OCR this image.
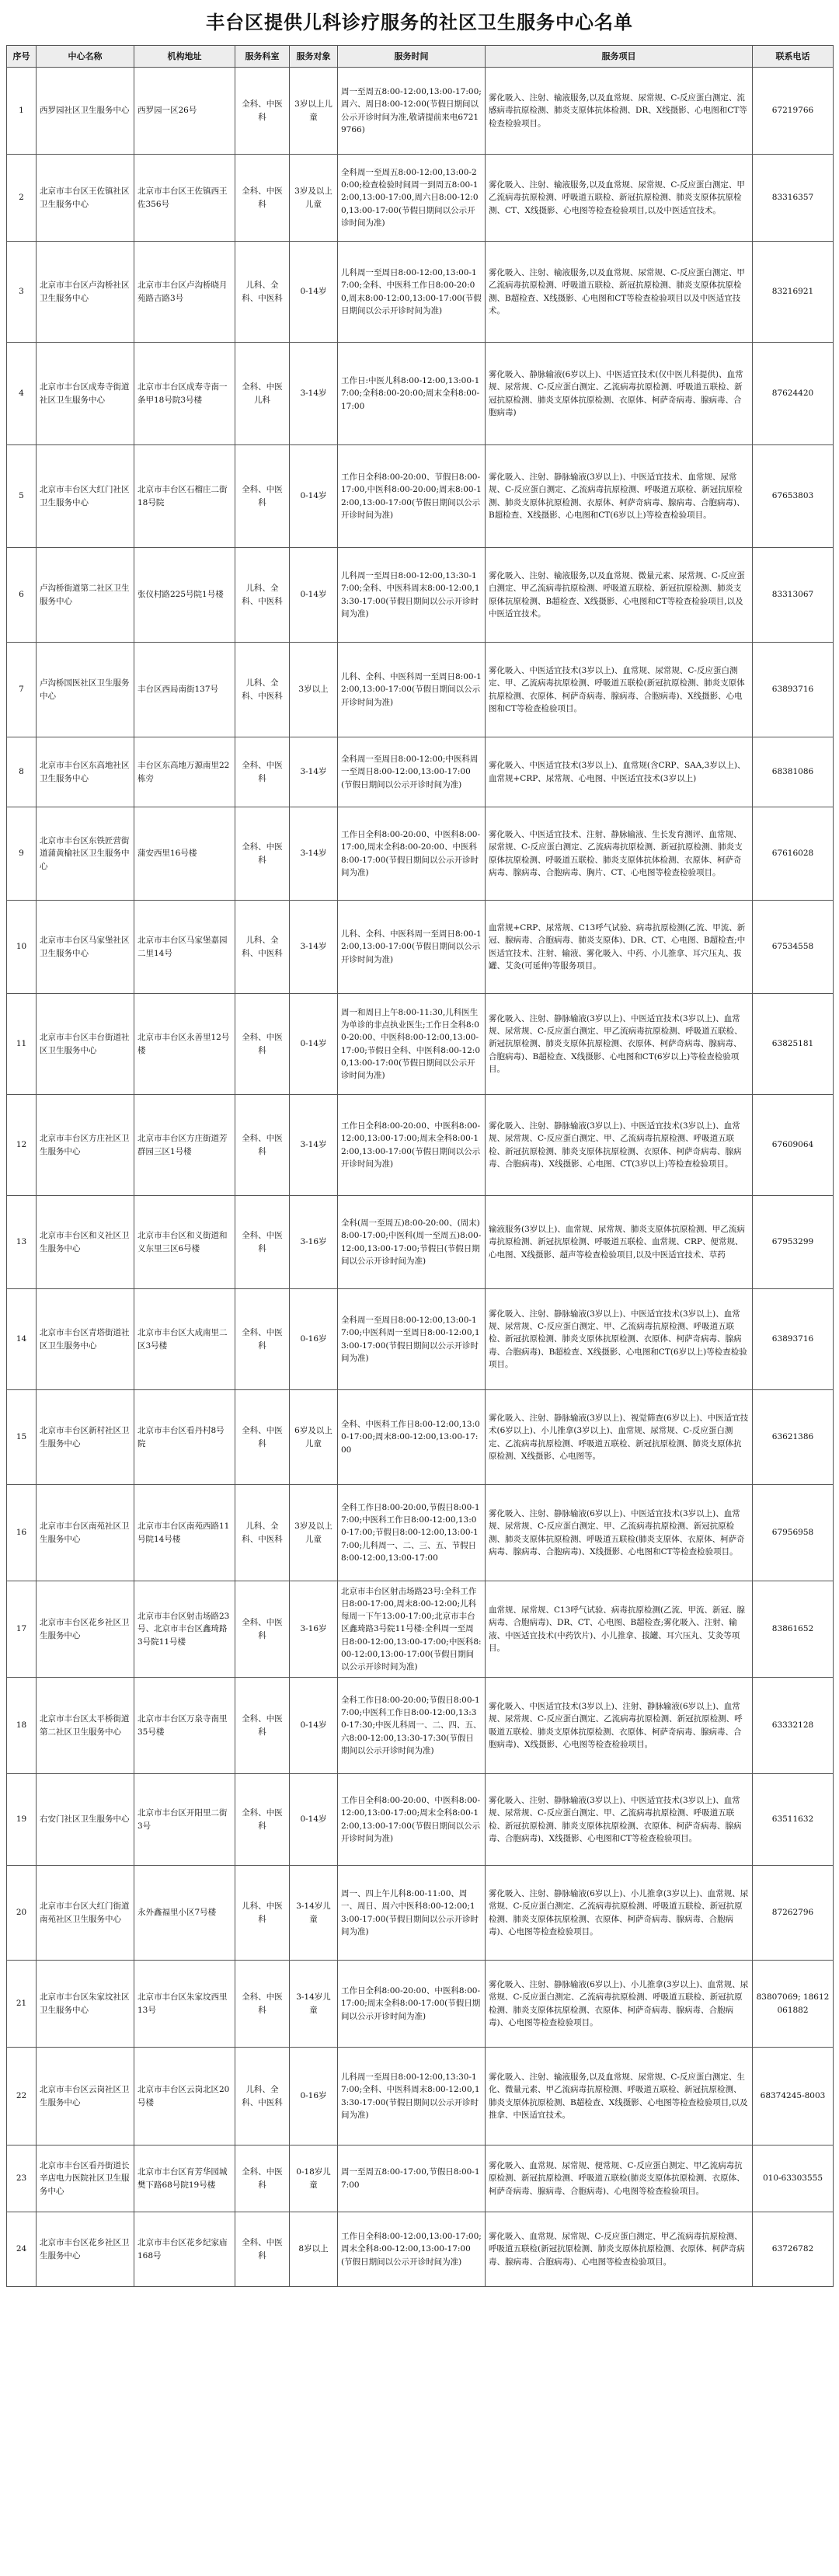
丰台区提供儿科诊疗服务的社区卫生服务中心名单
序号	中心名称	机构地址	服务科室	服务对象	服务时间	服务项目	联系电话
1	西罗园社区卫生服务中心	西罗园一区26号	全科、中医科	3岁以上儿童	周一至周五8:00-12:00,13:00-17:00;周六、周日8:00-12:00(节假日期间以公示开诊时间为准,敬请提前来电67219766)	雾化吸入、注射、输液服务,以及血常规、尿常规、C-反应蛋白测定、流感病毒抗原检测、肺炎支原体抗体检测、DR、X线摄影、心电图和CT等检查检验项目。	67219766
2	北京市丰台区王佐镇社区卫生服务中心	北京市丰台区王佐镇西王佐356号	全科、中医科	3岁及以上儿童	全科周一至周五8:00-12:00,13:00-20:00;检查检验时间周一到周五8:00-12:00,13:00-17:00,周六日8:00-12:00,13:00-17:00(节假日期间以公示开诊时间为准)	雾化吸入、注射、输液服务,以及血常规、尿常规、C-反应蛋白测定、甲乙流病毒抗原检测、呼吸道五联检、新冠抗原检测、肺炎支原体抗原检测、CT、X线摄影、心电图等检查检验项目,以及中医适宜技术。	83316357
3	北京市丰台区卢沟桥社区卫生服务中心	北京市丰台区卢沟桥晓月苑路吉路3号	儿科、全科、中医科	0-14岁	儿科周一至周日8:00-12:00,13:00-17:00;全科、中医科工作日8:00-20:00,周末8:00-12:00,13:00-17:00(节假日期间以公示开诊时间为准)	雾化吸入、注射、输液服务,以及血常规、尿常规、C-反应蛋白测定、甲乙流病毒抗原检测、呼吸道五联检、新冠抗原检测、肺炎支原体抗原检测、B超检查、X线摄影、心电图和CT等检查检验项目以及中医适宜技术。	83216921
4	北京市丰台区成寿寺街道社区卫生服务中心	北京市丰台区成寿寺南一条甲18号院3号楼	全科、中医儿科	3-14岁	工作日:中医儿科8:00-12:00,13:00-17:00;全科8:00-20:00;周末全科8:00-17:00	雾化吸入、静脉输液(6岁以上)、中医适宜技术(仅中医儿科提供)、血常规、尿常规、C-反应蛋白测定、乙流病毒抗原检测、呼吸道五联检、新冠抗原检测、肺炎支原体抗原检测、衣原体、柯萨奇病毒、腺病毒、合胞病毒)	87624420
5	北京市丰台区大红门社区卫生服务中心	北京市丰台区石榴庄二街18号院	全科、中医科	0-14岁	工作日全科8:00-20:00、节假日8:00-17:00,中医科8:00-20:00;周末8:00-12:00,13:00-17:00(节假日期间以公示开诊时间为准)	雾化吸入、注射、静脉输液(3岁以上)、中医适宜技术、血常规、尿常规、C-反应蛋白测定、乙流病毒抗原检测、呼吸道五联检、新冠抗原检测、肺炎支原体抗原检测、衣原体、柯萨奇病毒、腺病毒、合胞病毒)、B超检查、X线摄影、心电图和CT(6岁以上)等检查检验项目。	67653803
6	卢沟桥街道第二社区卫生服务中心	张仪村路225号院1号楼	儿科、全科、中医科	0-14岁	儿科周一至周日8:00-12:00,13:30-17:00;全科、中医科周末8:00-12:00,13:30-17:00(节假日期间以公示开诊时间为准)	雾化吸入、注射、输液服务,以及血常规、微量元素、尿常规、C-反应蛋白测定、甲乙流病毒抗原检测、呼吸道五联检、新冠抗原检测、肺炎支原体抗原检测、B超检查、X线摄影、心电图和CT等检查检验项目,以及中医适宜技术。	83313067
7	卢沟桥国医社区卫生服务中心	丰台区西局南街137号	儿科、全科、中医科	3岁以上	儿科、全科、中医科周一至周日8:00-12:00,13:00-17:00(节假日期间以公示开诊时间为准)	雾化吸入、中医适宜技术(3岁以上)、血常规、尿常规、C-反应蛋白测定、甲、乙流病毒抗原检测、呼吸道五联检(新冠抗原检测、肺炎支原体抗原检测、衣原体、柯萨奇病毒、腺病毒、合胞病毒)、X线摄影、心电图和CT等检查检验项目。	63893716
8	北京市丰台区东高地社区卫生服务中心	丰台区东高地万源南里22栋旁	全科、中医科	3-14岁	全科周一至周日8:00-12:00;中医科周一至周日8:00-12:00,13:00-17:00(节假日期间以公示开诊时间为准)	雾化吸入、中医适宜技术(3岁以上)、血常规(含CRP、SAA,3岁以上)、血常规+CRP、尿常规、心电图、中医适宜技术(3岁以上)	68381086
9	北京市丰台区东铁匠营街道蒲黄榆社区卫生服务中心	蒲安西里16号楼	全科、中医科	3-14岁	工作日全科8:00-20:00、中医科8:00-17:00,周末全科8:00-20:00、中医科8:00-17:00(节假日期间以公示开诊时间为准)	雾化吸入、中医适宜技术、注射、静脉输液、生长发育测评、血常规、尿常规、C-反应蛋白测定、乙流病毒抗原检测、新冠抗原检测、肺炎支原体抗原检测、呼吸道五联检、肺炎支原体抗体检测、衣原体、柯萨奇病毒、腺病毒、合胞病毒、胸片、CT、心电图等检查检验项目。	67616028
10	北京市丰台区马家堡社区卫生服务中心	北京市丰台区马家堡嘉园二里14号	儿科、全科、中医科	3-14岁	儿科、全科、中医科周一至周日8:00-12:00,13:00-17:00(节假日期间以公示开诊时间为准)	血常规+CRP、尿常规、C13呼气试验、病毒抗原检测(乙流、甲流、新冠、腺病毒、合胞病毒、肺炎支原体)、DR、CT、心电图、B超检查;中医适宜技术、注射、输液、雾化吸入、中药、小儿推拿、耳穴压丸、拔罐、艾灸(可延伸)等服务项目。	67534558
11	北京市丰台区丰台街道社区卫生服务中心	北京市丰台区永善里12号楼	全科、中医科	0-14岁	周一和周日上午8:00-11:30,儿科医生为单诊的非点执业医生;工作日全科8:00-20:00、中医科8:00-12:00,13:00-17:00;节假日全科、中医科8:00-12:00,13:00-17:00(节假日期间以公示开诊时间为准)	雾化吸入、注射、静脉输液(3岁以上)、中医适宜技术(3岁以上)、血常规、尿常规、C-反应蛋白测定、甲乙流病毒抗原检测、呼吸道五联检、新冠抗原检测、肺炎支原体抗原检测、衣原体、柯萨奇病毒、腺病毒、合胞病毒)、B超检查、X线摄影、心电图和CT(6岁以上)等检查检验项目。	63825181
12	北京市丰台区方庄社区卫生服务中心	北京市丰台区方庄街道芳群园三区1号楼	全科、中医科	3-14岁	工作日全科8:00-20:00、中医科8:00-12:00,13:00-17:00;周末全科8:00-12:00,13:00-17:00(节假日期间以公示开诊时间为准)	雾化吸入、注射、静脉输液(3岁以上)、中医适宜技术(3岁以上)、血常规、尿常规、C-反应蛋白测定、甲、乙流病毒抗原检测、呼吸道五联检、新冠抗原检测、肺炎支原体抗原检测、衣原体、柯萨奇病毒、腺病毒、合胞病毒)、X线摄影、心电图、CT(3岁以上)等检查检验项目。	67609064
13	北京市丰台区和义社区卫生服务中心	北京市丰台区和义街道和义东里三区6号楼	全科、中医科	3-16岁	全科(周一至周五)8:00-20:00、(周末)8:00-17:00;中医科(周一至周五)8:00-12:00,13:00-17:00;节假日(节假日期间以公示开诊时间为准)	输液服务(3岁以上)、血常规、尿常规、肺炎支原体抗原检测、甲乙流病毒抗原检测、新冠抗原检测、呼吸道五联检、血常规、CRP、便常规、心电图、X线摄影、超声等检查检验项目,以及中医适宜技术、草药	67953299
14	北京市丰台区青塔街道社区卫生服务中心	北京市丰台区大成南里二区3号楼	全科、中医科	0-16岁	全科周一至周日8:00-12:00,13:00-17:00;中医科周一至周日8:00-12:00,13:00-17:00(节假日期间以公示开诊时间为准)	雾化吸入、注射、静脉输液(3岁以上)、中医适宜技术(3岁以上)、血常规、尿常规、C-反应蛋白测定、甲、乙流病毒抗原检测、呼吸道五联检、新冠抗原检测、肺炎支原体抗原检测、衣原体、柯萨奇病毒、腺病毒、合胞病毒)、B超检查、X线摄影、心电图和CT(6岁以上)等检查检验项目。	63893716
15	北京市丰台区新村社区卫生服务中心	北京市丰台区看丹村8号院	全科、中医科	6岁及以上儿童	全科、中医科工作日8:00-12:00,13:00-17:00;周末8:00-12:00,13:00-17:00	雾化吸入、注射、静脉输液(3岁以上)、视觉筛查(6岁以上)、中医适宜技术(6岁以上)、小儿推拿(3岁以上)、血常规、尿常规、C-反应蛋白测定、乙流病毒抗原检测、呼吸道五联检、新冠抗原检测、肺炎支原体抗原检测、X线摄影、心电图等。	63621386
16	北京市丰台区南苑社区卫生服务中心	北京市丰台区南苑西路11号院14号楼	儿科、全科、中医科	3岁及以上儿童	全科工作日8:00-20:00,节假日8:00-17:00;中医科工作日8:00-12:00,13:00-17:00;节假日8:00-12:00,13:00-17:00;儿科周一、二、三、五、节假日8:00-12:00,13:00-17:00	雾化吸入、注射、静脉输液(6岁以上)、中医适宜技术(3岁以上)、血常规、尿常规、C-反应蛋白测定、甲、乙流病毒抗原检测、新冠抗原检测、肺炎支原体抗原检测、呼吸道五联检(肺炎支原体、衣原体、柯萨奇病毒、腺病毒、合胞病毒)、X线摄影、心电图和CT等检查检验项目。	67956958
17	北京市丰台区花乡社区卫生服务中心	北京市丰台区射击场路23号、北京市丰台区鑫琦路3号院11号楼	全科、中医科	3-16岁	北京市丰台区射击场路23号:全科工作日8:00-17:00,周末8:00-12:00;儿科每周一下午13:00-17:00;北京市丰台区鑫琦路3号院11号楼:全科周一至周日8:00-12:00,13:00-17:00;中医科8:00-12:00,13:00-17:00(节假日期间以公示开诊时间为准)	血常规、尿常规、C13呼气试验、病毒抗原检测(乙流、甲流、新冠、腺病毒、合胞病毒)、DR、CT、心电图、B超检查;雾化吸入、注射、输液、中医适宜技术(中药饮片)、小儿推拿、拔罐、耳穴压丸、艾灸等项目。	83861652
18	北京市丰台区太平桥街道第二社区卫生服务中心	北京市丰台区万泉寺南里35号楼	全科、中医科	0-14岁	全科工作日8:00-20:00;节假日8:00-17:00;中医科工作日8:00-12:00,13:30-17:30;中医儿科周一、二、四、五、六8:00-12:00,13:30-17:30(节假日期间以公示开诊时间为准)	雾化吸入、中医适宜技术(3岁以上)、注射、静脉输液(6岁以上)、血常规、尿常规、C-反应蛋白测定、乙流病毒抗原检测、新冠抗原检测、呼吸道五联检、肺炎支原体抗原检测、衣原体、柯萨奇病毒、腺病毒、合胞病毒)、X线摄影、心电图等检查检验项目。	63332128
19	右安门社区卫生服务中心	北京市丰台区开阳里二街3号	全科、中医科	0-14岁	工作日全科8:00-20:00、中医科8:00-12:00,13:00-17:00;周末全科8:00-12:00,13:00-17:00(节假日期间以公示开诊时间为准)	雾化吸入、注射、静脉输液(3岁以上)、中医适宜技术(3岁以上)、血常规、尿常规、C-反应蛋白测定、甲、乙流病毒抗原检测、呼吸道五联检、新冠抗原检测、肺炎支原体抗原检测、衣原体、柯萨奇病毒、腺病毒、合胞病毒)、X线摄影、心电图和CT等检查检验项目。	63511632
20	北京市丰台区大红门街道南苑社区卫生服务中心	永外鑫福里小区7号楼	儿科、中医科	3-14岁儿童	周一、四上午儿科8:00-11:00、周一、周日、周六中医科8:00-12:00;13:00-17:00(节假日期间以公示开诊时间为准)	雾化吸入、注射、静脉输液(6岁以上)、小儿推拿(3岁以上)、血常规、尿常规、C-反应蛋白测定、乙流病毒抗原检测、呼吸道五联检、新冠抗原检测、肺炎支原体抗原检测、衣原体、柯萨奇病毒、腺病毒、合胞病毒)、心电图等检查检验项目。	87262796
21	北京市丰台区朱家坟社区卫生服务中心	北京市丰台区朱家坟西里13号	全科、中医科	3-14岁儿童	工作日全科8:00-20:00、中医科8:00-17:00;周末全科8:00-17:00(节假日期间以公示开诊时间为准)	雾化吸入、注射、静脉输液(6岁以上)、小儿推拿(3岁以上)、血常规、尿常规、C-反应蛋白测定、乙流病毒抗原检测、呼吸道五联检、新冠抗原检测、肺炎支原体抗原检测、衣原体、柯萨奇病毒、腺病毒、合胞病毒)、心电图等检查检验项目。	83807069; 18612061882
22	北京市丰台区云岗社区卫生服务中心	北京市丰台区云岗北区20号楼	儿科、全科、中医科	0-16岁	儿科周一至周日8:00-12:00,13:30-17:00;全科、中医科周末8:00-12:00,13:30-17:00(节假日期间以公示开诊时间为准)	雾化吸入、注射、输液服务,以及血常规、尿常规、C-反应蛋白测定、生化、微量元素、甲乙流病毒抗原检测、呼吸道五联检、新冠抗原检测、肺炎支原体抗原检测、B超检查、X线摄影、心电图等检查检验项目,以及推拿、中医适宜技术。	68374245-8003
23	北京市丰台区看丹街道长辛店电力医院社区卫生服务中心	北京市丰台区育芳华园城樊下路68号院19号楼	全科、中医科	0-18岁儿童	周一至周五8:00-17:00,节假日8:00-17:00	雾化吸入、血常规、尿常规、便常规、C-反应蛋白测定、甲乙流病毒抗原检测、新冠抗原检测、呼吸道五联检(肺炎支原体抗原检测、衣原体、柯萨奇病毒、腺病毒、合胞病毒)、心电图等检查检验项目。	010-63303555
24	北京市丰台区花乡社区卫生服务中心	北京市丰台区花乡纪家庙168号	全科、中医科	8岁以上	工作日全科8:00-12:00,13:00-17:00;周末全科8:00-12:00,13:00-17:00(节假日期间以公示开诊时间为准)	雾化吸入、血常规、尿常规、C-反应蛋白测定、甲乙流病毒抗原检测、呼吸道五联检(新冠抗原检测、肺炎支原体抗原检测、衣原体、柯萨奇病毒、腺病毒、合胞病毒)、心电图等检查检验项目。	63726782
